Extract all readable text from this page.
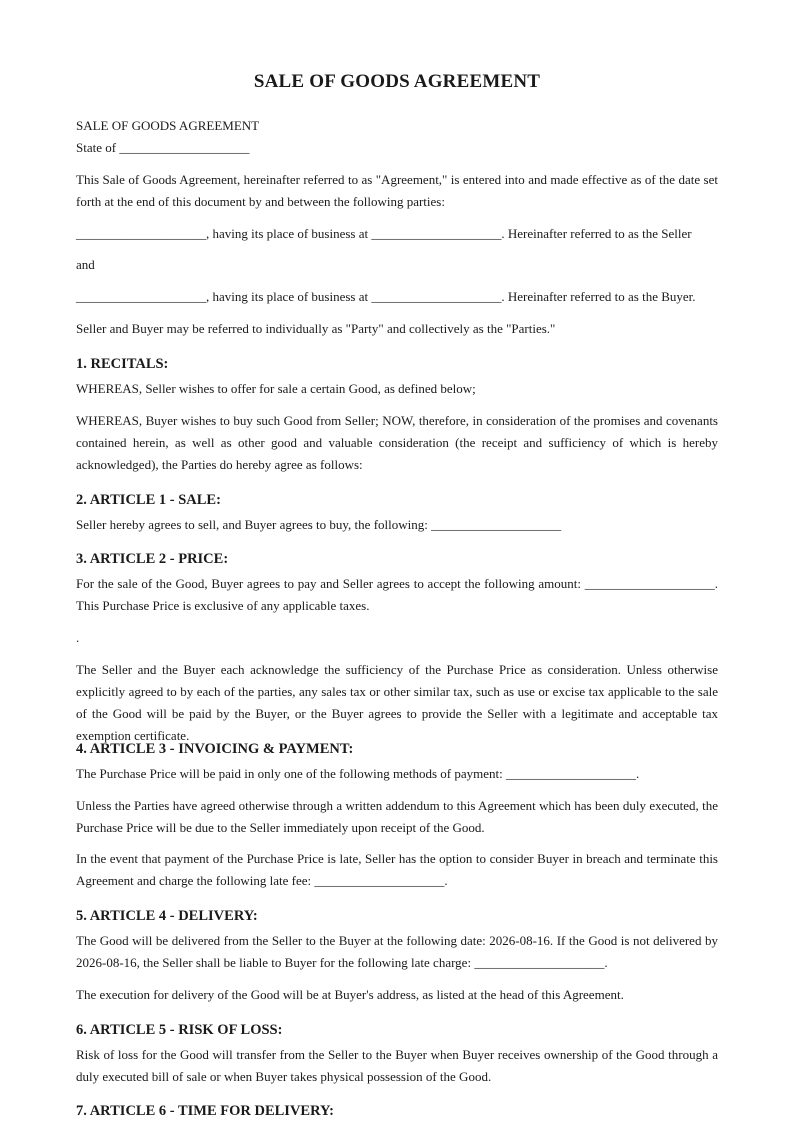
SALE OF GOODS AGREEMENT

SALE OF GOODS AGREEMENT

State of ____________________

This Sale of Goods Agreement, hereinafter referred to as "Agreement," is entered into and made effective as of the date set forth at the end of this document by and between the following parties:

____________________, having its place of business at ____________________. Hereinafter referred to as the Seller

and

____________________, having its place of business at ____________________. Hereinafter referred to as the Buyer.

Seller and Buyer may be referred to individually as "Party" and collectively as the "Parties."

1. RECITALS:

WHEREAS, Seller wishes to offer for sale a certain Good, as defined below;

WHEREAS, Buyer wishes to buy such Good from Seller; NOW, therefore, in consideration of the promises and covenants contained herein, as well as other good and valuable consideration (the receipt and sufficiency of which is hereby acknowledged), the Parties do hereby agree as follows:

2. ARTICLE 1 - SALE:

Seller hereby agrees to sell, and Buyer agrees to buy, the following: ____________________

3. ARTICLE 2 - PRICE:

For the sale of the Good, Buyer agrees to pay and Seller agrees to accept the following amount: ____________________. This Purchase Price is exclusive of any applicable taxes.

.

The Seller and the Buyer each acknowledge the sufficiency of the Purchase Price as consideration. Unless otherwise explicitly agreed to by each of the parties, any sales tax or other similar tax, such as use or excise tax applicable to the sale of the Good will be paid by the Buyer, or the Buyer agrees to provide the Seller with a legitimate and acceptable tax exemption certificate.

4. ARTICLE 3 - INVOICING & PAYMENT:

The Purchase Price will be paid in only one of the following methods of payment: ____________________.

Unless the Parties have agreed otherwise through a written addendum to this Agreement which has been duly executed, the Purchase Price will be due to the Seller immediately upon receipt of the Good.

In the event that payment of the Purchase Price is late, Seller has the option to consider Buyer in breach and terminate this Agreement and charge the following late fee: ____________________.

5. ARTICLE 4 - DELIVERY:

The Good will be delivered from the Seller to the Buyer at the following date: 2026-08-16. If the Good is not delivered by 2026-08-16, the Seller shall be liable to Buyer for the following late charge: ____________________.

The execution for delivery of the Good will be at Buyer's address, as listed at the head of this Agreement.

6. ARTICLE 5 - RISK OF LOSS:

Risk of loss for the Good will transfer from the Seller to the Buyer when Buyer receives ownership of the Good through a duly executed bill of sale or when Buyer takes physical possession of the Good.

7. ARTICLE 6 - TIME FOR DELIVERY:
